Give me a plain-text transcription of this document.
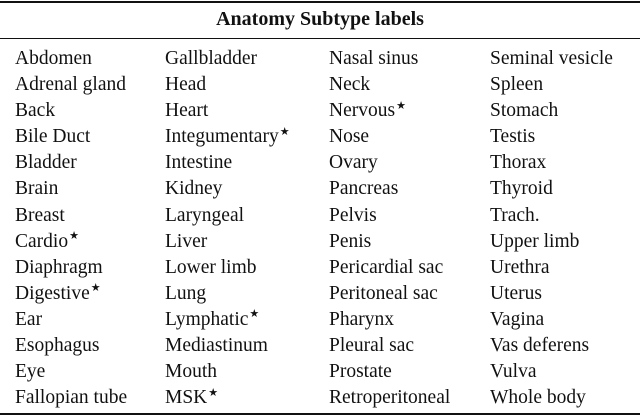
Anatomy Subtype labels
Abdomen
Adrenal gland
Back
Bile Duct
Bladder
Brain
Breast
Cardio★
Diaphragm
Digestive★
Ear
Esophagus
Eye
Fallopian tube
Gallbladder
Head
Heart
Integumentary★
Intestine
Kidney
Laryngeal
Liver
Lower limb
Lung
Lymphatic★
Mediastinum
Mouth
MSK★
Nasal sinus
Neck
Nervous★
Nose
Ovary
Pancreas
Pelvis
Penis
Pericardial sac
Peritoneal sac
Pharynx
Pleural sac
Prostate
Retroperitoneal
Seminal vesicle
Spleen
Stomach
Testis
Thorax
Thyroid
Trach.
Upper limb
Urethra
Uterus
Vagina
Vas deferens
Vulva
Whole body
